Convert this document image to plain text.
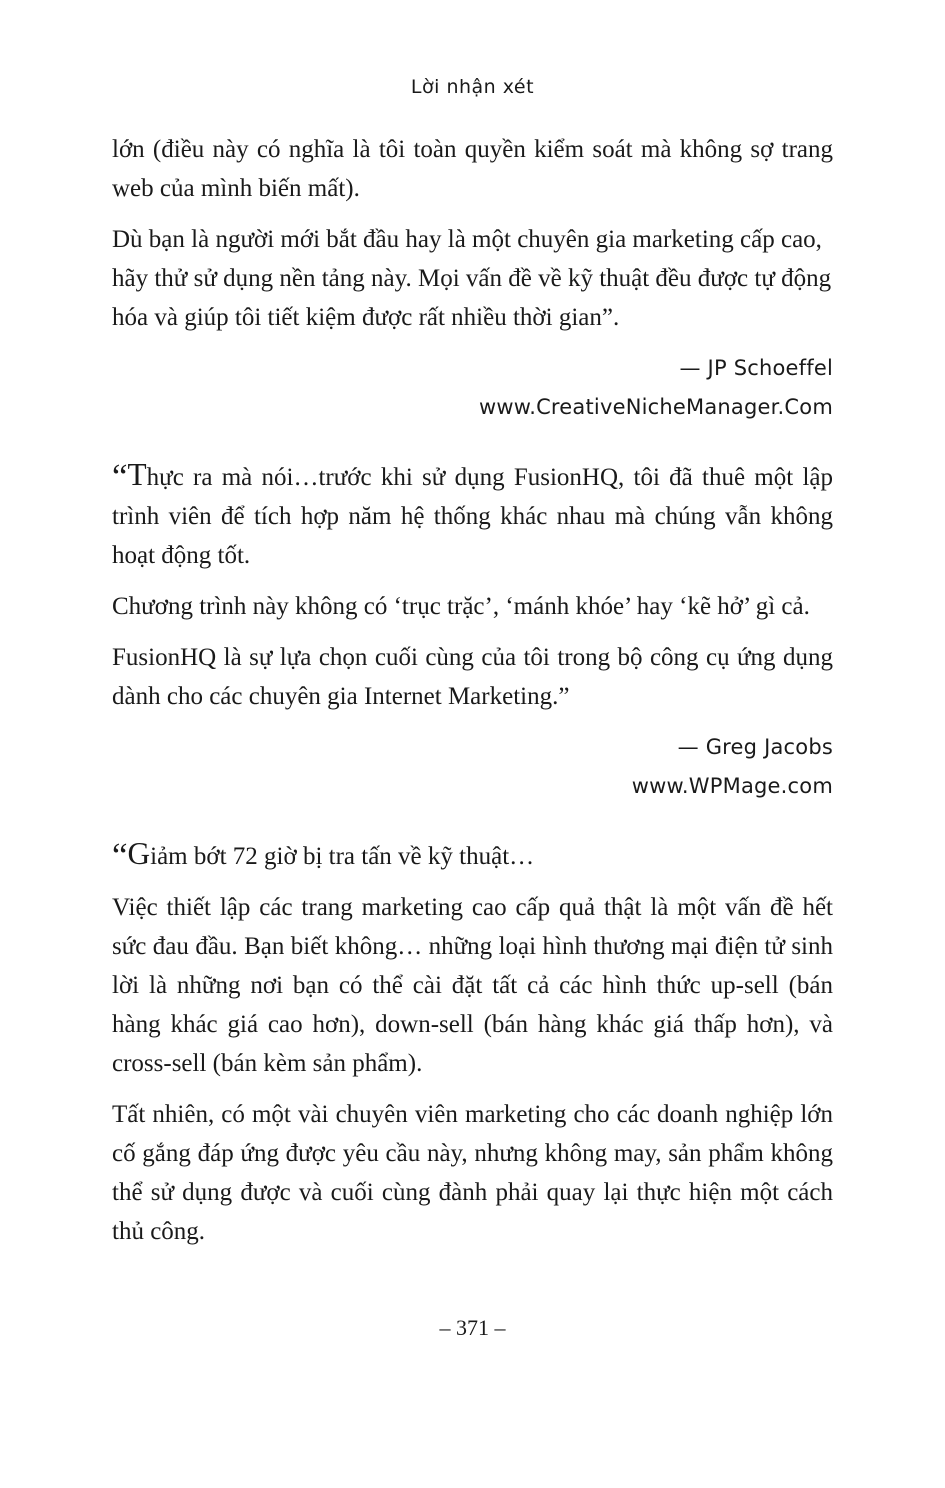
Lời nhận xét

lớn (điều này có nghĩa là tôi toàn quyền kiểm soát mà không sợ trang web của mình biến mất).

Dù bạn là người mới bắt đầu hay là một chuyên gia marketing cấp cao, hãy thử sử dụng nền tảng này. Mọi vấn đề về kỹ thuật đều được tự động hóa và giúp tôi tiết kiệm được rất nhiều thời gian”.

— JP Schoeffel
www.CreativeNicheManager.Com

“Thực ra mà nói…trước khi sử dụng FusionHQ, tôi đã thuê một lập trình viên để tích hợp năm hệ thống khác nhau mà chúng vẫn không hoạt động tốt.

Chương trình này không có ‘trục trặc’, ‘mánh khóe’ hay ‘kẽ hở’ gì cả.

FusionHQ là sự lựa chọn cuối cùng của tôi trong bộ công cụ ứng dụng dành cho các chuyên gia Internet Marketing.”

— Greg Jacobs
www.WPMage.com

“Giảm bớt 72 giờ bị tra tấn về kỹ thuật…

Việc thiết lập các trang marketing cao cấp quả thật là một vấn đề hết sức đau đầu. Bạn biết không… những loại hình thương mại điện tử sinh lời là những nơi bạn có thể cài đặt tất cả các hình thức up-sell (bán hàng khác giá cao hơn), down-sell (bán hàng khác giá thấp hơn), và cross-sell (bán kèm sản phẩm).

Tất nhiên, có một vài chuyên viên marketing cho các doanh nghiệp lớn cố gắng đáp ứng được yêu cầu này, nhưng không may, sản phẩm không thể sử dụng được và cuối cùng đành phải quay lại thực hiện một cách thủ công.

– 371 –
